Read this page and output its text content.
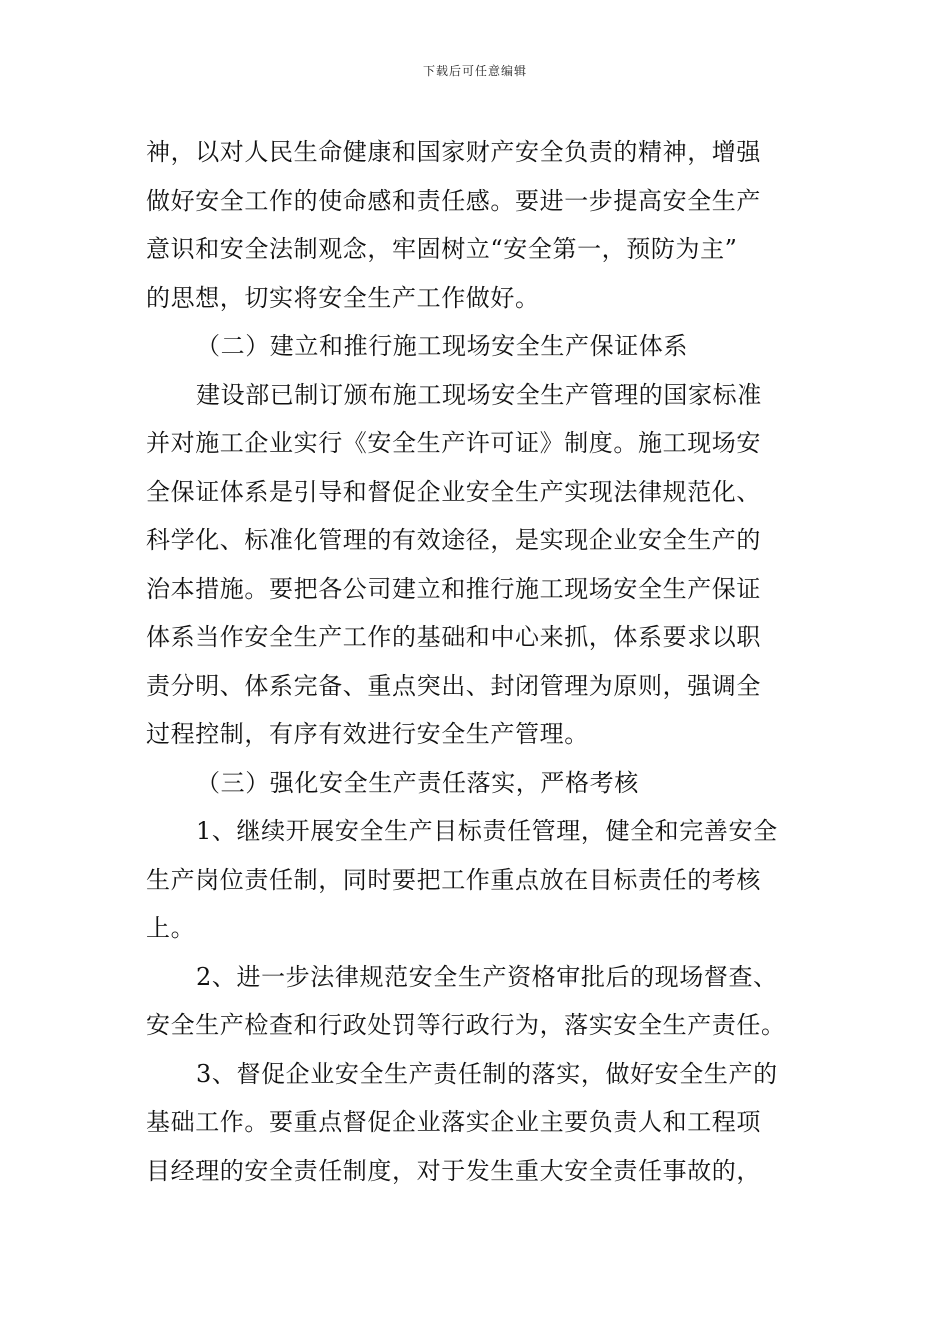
下载后可任意编辑
神，以对人民生命健康和国家财产安全负责的精神，增强
做好安全工作的使命感和责任感。要进一步提高安全生产
意识和安全法制观念，牢固树立“安全第一，预防为主”
的思想，切实将安全生产工作做好。
（二）建立和推行施工现场安全生产保证体系
建设部已制订颁布施工现场安全生产管理的国家标准
并对施工企业实行《安全生产许可证》制度。施工现场安
全保证体系是引导和督促企业安全生产实现法律规范化、
科学化、标准化管理的有效途径，是实现企业安全生产的
治本措施。要把各公司建立和推行施工现场安全生产保证
体系当作安全生产工作的基础和中心来抓，体系要求以职
责分明、体系完备、重点突出、封闭管理为原则，强调全
过程控制，有序有效进行安全生产管理。
（三）强化安全生产责任落实，严格考核
1、继续开展安全生产目标责任管理，健全和完善安全
生产岗位责任制，同时要把工作重点放在目标责任的考核
上。
2、进一步法律规范安全生产资格审批后的现场督查、
安全生产检查和行政处罚等行政行为，落实安全生产责任。
3、督促企业安全生产责任制的落实，做好安全生产的
基础工作。要重点督促企业落实企业主要负责人和工程项
目经理的安全责任制度，对于发生重大安全责任事故的，
